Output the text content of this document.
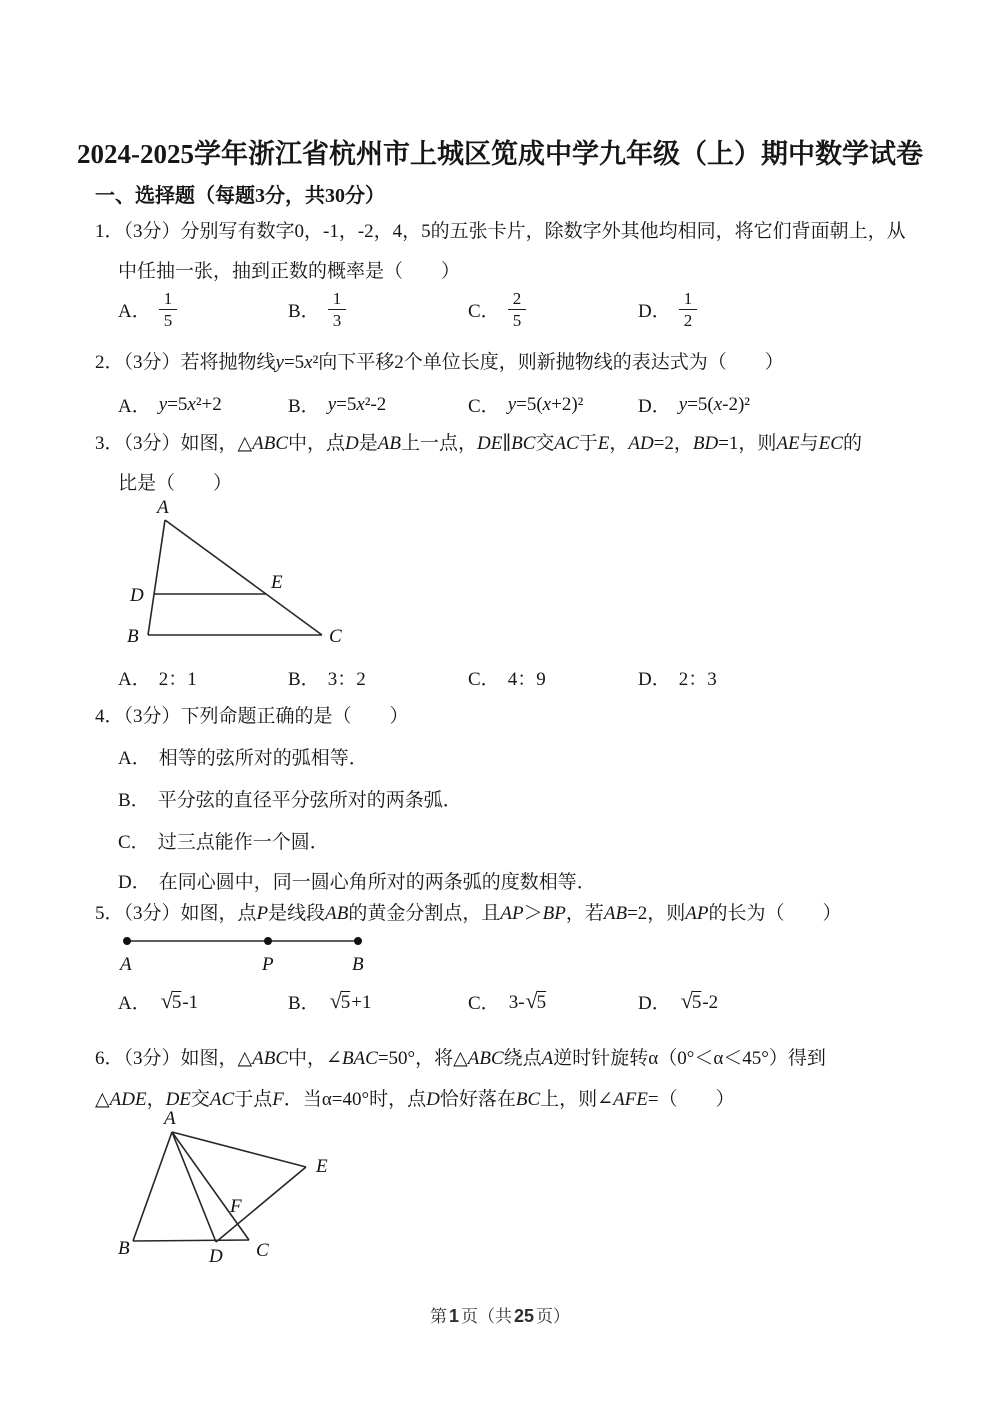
2024-2025学年浙江省杭州市上城区笕成中学九年级（上）期中数学试卷
一、选择题（每题3分，共30分）
1．（3分）分别写有数字0，-1，-2，4，5的五张卡片，除数字外其他均相同，将它们背面朝上，从
中任抽一张，抽到正数的概率是（　　）
A． $\frac{1}{5}$	B． $\frac{1}{3}$	C． $\frac{2}{5}$	D． $\frac{1}{2}$
2．（3分）若将抛物线y=5x²向下平移2个单位长度，则新抛物线的表达式为（　　）
A． y=5x²+2	B． y=5x²-2	C． y=5(x+2)²	D． y=5(x-2)²
3．（3分）如图，△ABC中，点D是AB上一点，DE∥BC交AC于E，AD=2，BD=1，则AE与EC的
比是（　　）
A
D
B
E
C
A． 2：1	B． 3：2	C． 4：9	D． 2：3
4．（3分）下列命题正确的是（　　）
A． 相等的弦所对的弧相等．
B． 平分弦的直径平分弦所对的两条弧．
C． 过三点能作一个圆．
D． 在同心圆中，同一圆心角所对的两条弧的度数相等．
5．（3分）如图，点P是线段AB的黄金分割点，且AP＞BP，若AB=2，则AP的长为（　　）
A	P	B
A． √ 5 -1	B． √ 5 +1	C． 3- √ 5	D． √ 5 -2
6．（3分）如图，△ABC中，∠BAC=50°，将△ABC绕点A逆时针旋转α（0°＜α＜45°）得到
△ADE，DE交AC于点F．当α=40°时，点D恰好落在BC上，则∠AFE=（　　）
A
E
F
B	D C
第 1 页（共 25 页）
